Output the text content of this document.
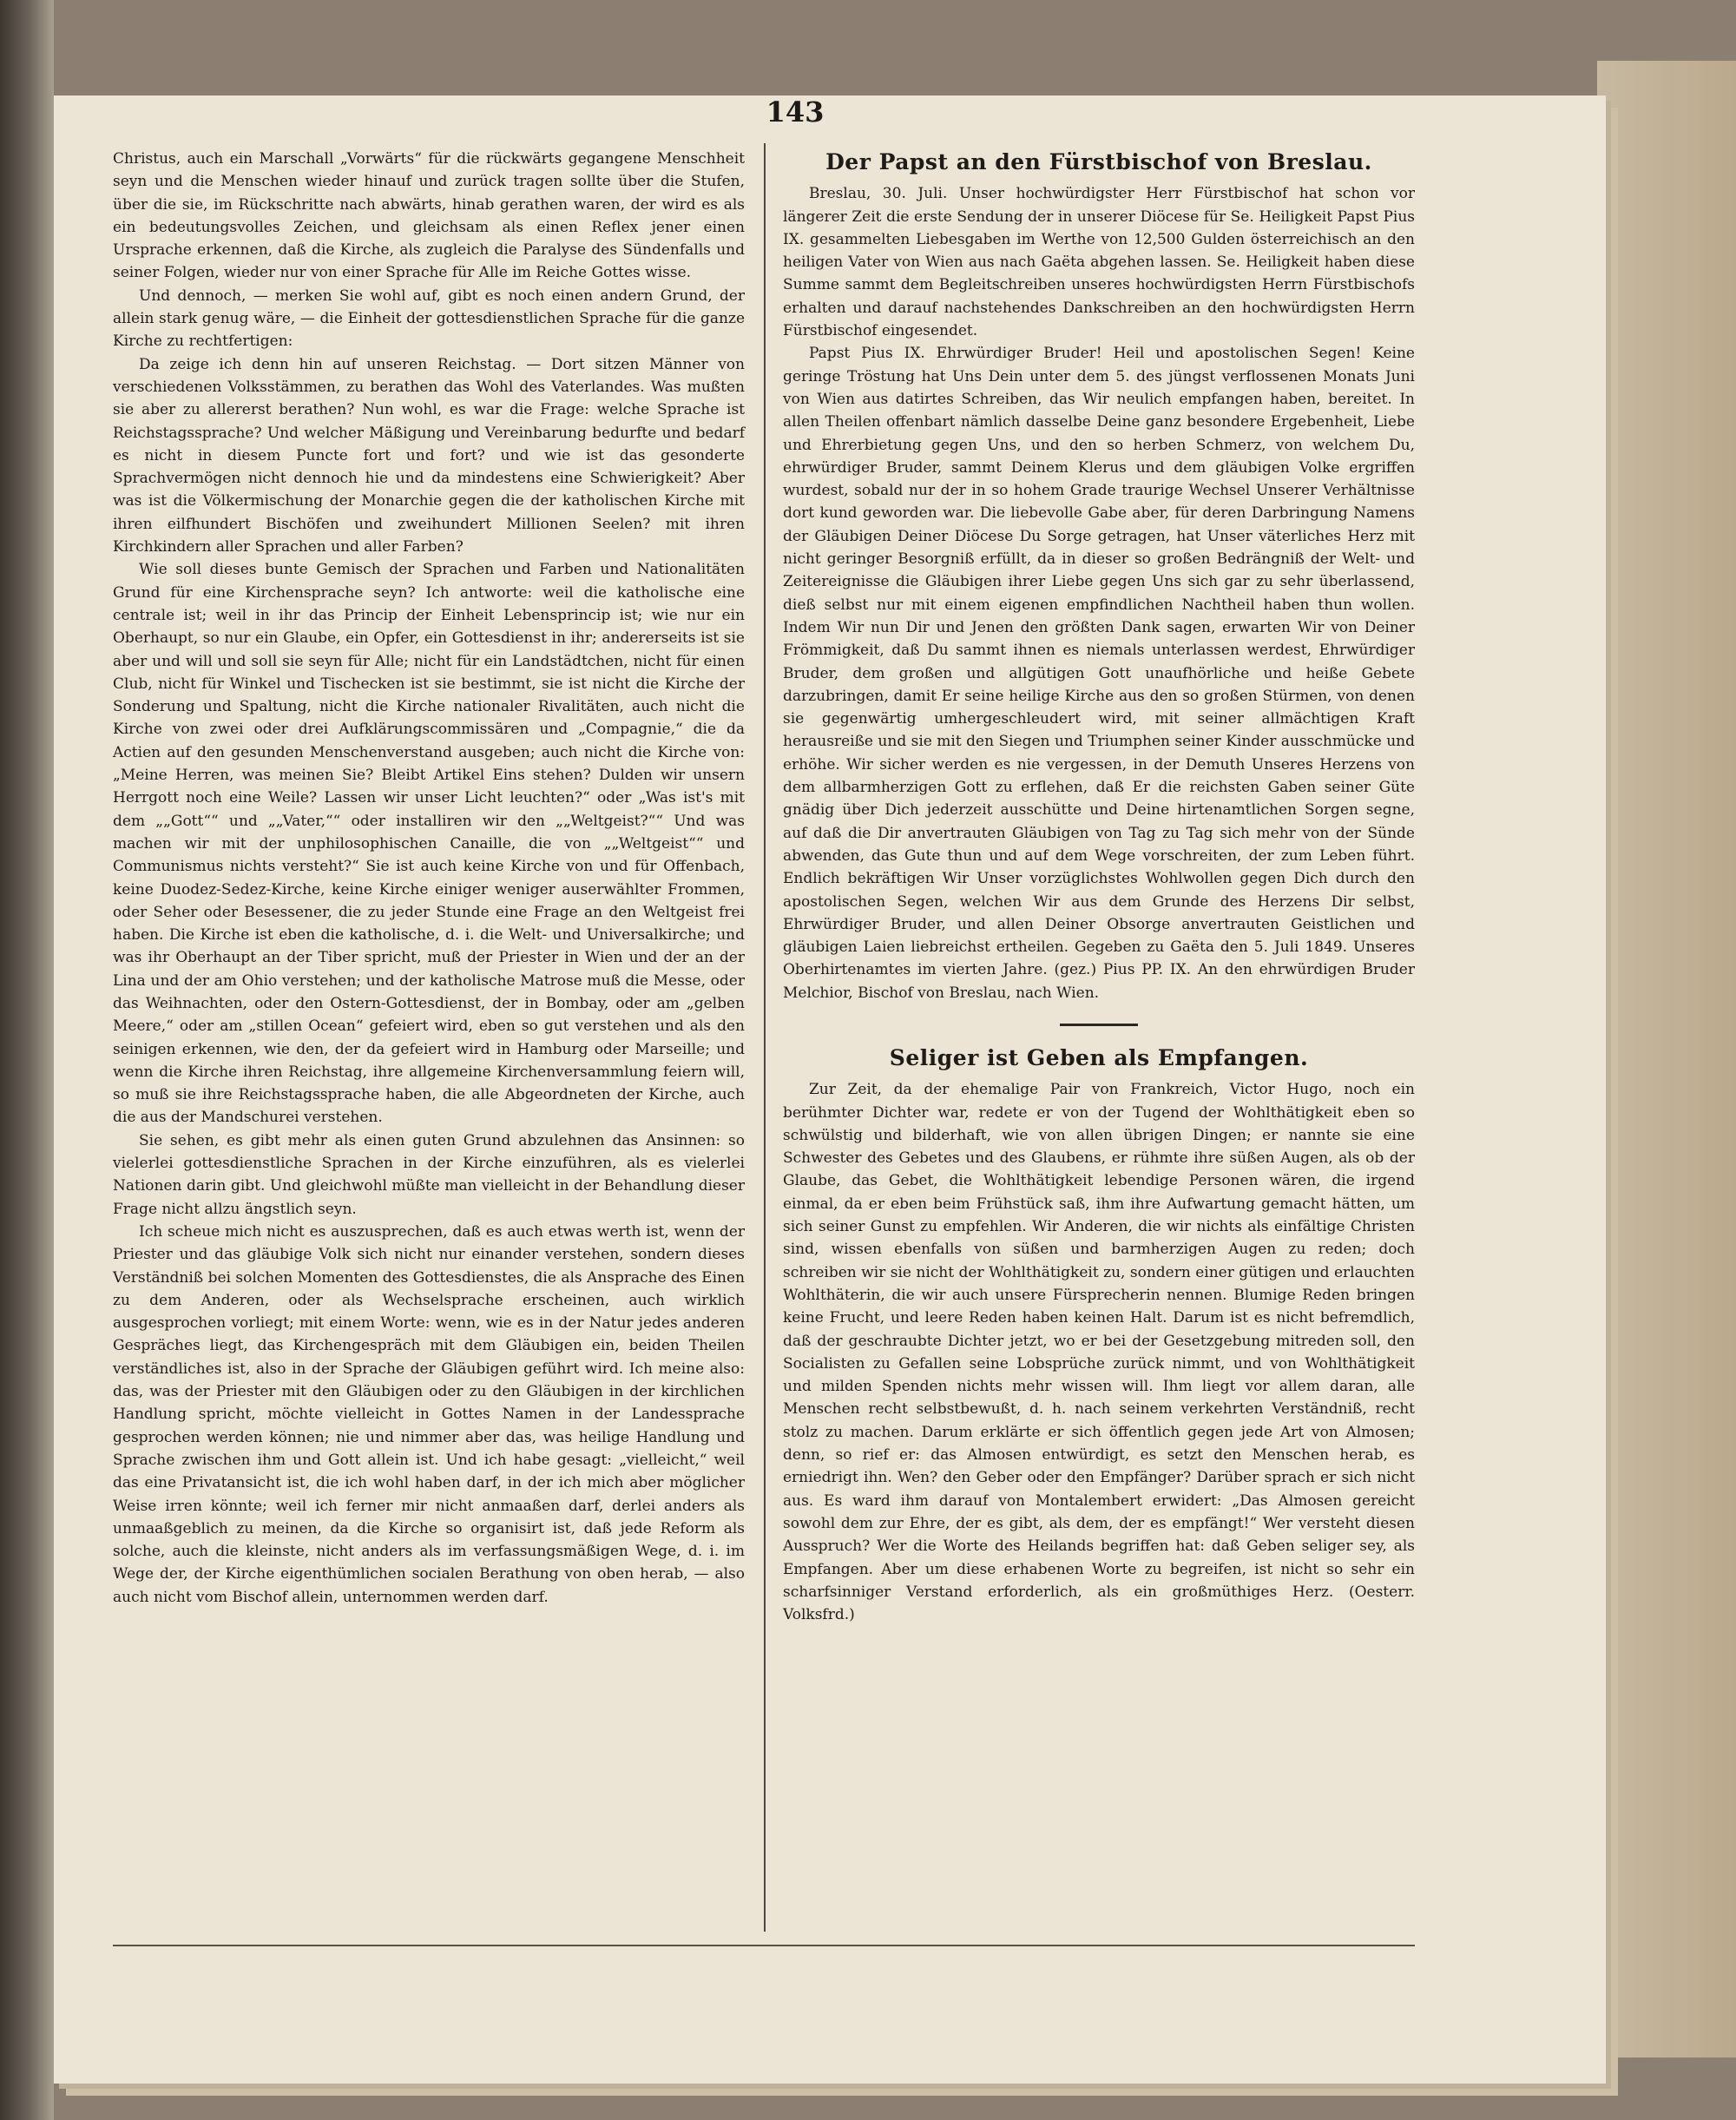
143

Christus, auch ein Marschall „Vorwärts“ für die rückwärts gegangene Menschheit seyn und die Menschen wieder hinauf und zurück tragen sollte über die Stufen, über die sie, im Rückschritte nach abwärts, hinab gerathen waren, der wird es als ein bedeutungsvolles Zeichen, und gleichsam als einen Reflex jener einen Ursprache erkennen, daß die Kirche, als zugleich die Paralyse des Sündenfalls und seiner Folgen, wieder nur von einer Sprache für Alle im Reiche Gottes wisse.

Und dennoch, — merken Sie wohl auf, gibt es noch einen andern Grund, der allein stark genug wäre, — die Einheit der gottesdienstlichen Sprache für die ganze Kirche zu rechtfertigen:

Da zeige ich denn hin auf unseren Reichstag. — Dort sitzen Männer von verschiedenen Volksstämmen, zu berathen das Wohl des Vaterlandes. Was mußten sie aber zu allererst berathen? Nun wohl, es war die Frage: welche Sprache ist Reichstagssprache? Und welcher Mäßigung und Vereinbarung bedurfte und bedarf es nicht in diesem Puncte fort und fort? und wie ist das gesonderte Sprachvermögen nicht dennoch hie und da mindestens eine Schwierigkeit? Aber was ist die Völkermischung der Monarchie gegen die der katholischen Kirche mit ihren eilfhundert Bischöfen und zweihundert Millionen Seelen? mit ihren Kirchkindern aller Sprachen und aller Farben?

Wie soll dieses bunte Gemisch der Sprachen und Farben und Nationalitäten Grund für eine Kirchensprache seyn? Ich antworte: weil die katholische eine centrale ist; weil in ihr das Princip der Einheit Lebensprincip ist; wie nur ein Oberhaupt, so nur ein Glaube, ein Opfer, ein Gottesdienst in ihr; andererseits ist sie aber und will und soll sie seyn für Alle; nicht für ein Landstädtchen, nicht für einen Club, nicht für Winkel und Tischecken ist sie bestimmt, sie ist nicht die Kirche der Sonderung und Spaltung, nicht die Kirche nationaler Rivalitäten, auch nicht die Kirche von zwei oder drei Aufklärungscommissären und „Compagnie,“ die da Actien auf den gesunden Menschenverstand ausgeben; auch nicht die Kirche von: „Meine Herren, was meinen Sie? Bleibt Artikel Eins stehen? Dulden wir unsern Herrgott noch eine Weile? Lassen wir unser Licht leuchten?“ oder „Was ist's mit dem „„Gott““ und „„Vater,““ oder installiren wir den „„Weltgeist?““ Und was machen wir mit der unphilosophischen Canaille, die von „„Weltgeist““ und Communismus nichts versteht?“ Sie ist auch keine Kirche von und für Offenbach, keine Duodez-Sedez-Kirche, keine Kirche einiger weniger auserwählter Frommen, oder Seher oder Besessener, die zu jeder Stunde eine Frage an den Weltgeist frei haben. Die Kirche ist eben die katholische, d. i. die Welt- und Universalkirche; und was ihr Oberhaupt an der Tiber spricht, muß der Priester in Wien und der an der Lina und der am Ohio verstehen; und der katholische Matrose muß die Messe, oder das Weihnachten, oder den Ostern-Gottesdienst, der in Bombay, oder am „gelben Meere,“ oder am „stillen Ocean“ gefeiert wird, eben so gut verstehen und als den seinigen erkennen, wie den, der da gefeiert wird in Hamburg oder Marseille; und wenn die Kirche ihren Reichstag, ihre allgemeine Kirchenversammlung feiern will, so muß sie ihre Reichstagssprache haben, die alle Abgeordneten der Kirche, auch die aus der Mandschurei verstehen.

Sie sehen, es gibt mehr als einen guten Grund abzulehnen das Ansinnen: so vielerlei gottesdienstliche Sprachen in der Kirche einzuführen, als es vielerlei Nationen darin gibt. Und gleichwohl müßte man vielleicht in der Behandlung dieser Frage nicht allzu ängstlich seyn.

Ich scheue mich nicht es auszusprechen, daß es auch etwas werth ist, wenn der Priester und das gläubige Volk sich nicht nur einander verstehen, sondern dieses Verständniß bei solchen Momenten des Gottesdienstes, die als Ansprache des Einen zu dem Anderen, oder als Wechselsprache erscheinen, auch wirklich ausgesprochen vorliegt; mit einem Worte: wenn, wie es in der Natur jedes anderen Gespräches liegt, das Kirchengespräch mit dem Gläubigen ein, beiden Theilen verständliches ist, also in der Sprache der Gläubigen geführt wird. Ich meine also: das, was der Priester mit den Gläubigen oder zu den Gläubigen in der kirchlichen Handlung spricht, möchte vielleicht in Gottes Namen in der Landessprache gesprochen werden können; nie und nimmer aber das, was heilige Handlung und Sprache zwischen ihm und Gott allein ist. Und ich habe gesagt: „vielleicht,“ weil das eine Privatansicht ist, die ich wohl haben darf, in der ich mich aber möglicher Weise irren könnte; weil ich ferner mir nicht anmaaßen darf, derlei anders als unmaaßgeblich zu meinen, da die Kirche so organisirt ist, daß jede Reform als solche, auch die kleinste, nicht anders als im verfassungsmäßigen Wege, d. i. im Wege der, der Kirche eigenthümlichen socialen Berathung von oben herab, — also auch nicht vom Bischof allein, unternommen werden darf.

Der Papst an den Fürstbischof von Breslau.

Breslau, 30. Juli. Unser hochwürdigster Herr Fürstbischof hat schon vor längerer Zeit die erste Sendung der in unserer Diöcese für Se. Heiligkeit Papst Pius IX. gesammelten Liebesgaben im Werthe von 12,500 Gulden österreichisch an den heiligen Vater von Wien aus nach Gaëta abgehen lassen. Se. Heiligkeit haben diese Summe sammt dem Begleitschreiben unseres hochwürdigsten Herrn Fürstbischofs erhalten und darauf nachstehendes Dankschreiben an den hochwürdigsten Herrn Fürstbischof eingesendet.

Papst Pius IX. Ehrwürdiger Bruder! Heil und apostolischen Segen! Keine geringe Tröstung hat Uns Dein unter dem 5. des jüngst verflossenen Monats Juni von Wien aus datirtes Schreiben, das Wir neulich empfangen haben, bereitet. In allen Theilen offenbart nämlich dasselbe Deine ganz besondere Ergebenheit, Liebe und Ehrerbietung gegen Uns, und den so herben Schmerz, von welchem Du, ehrwürdiger Bruder, sammt Deinem Klerus und dem gläubigen Volke ergriffen wurdest, sobald nur der in so hohem Grade traurige Wechsel Unserer Verhältnisse dort kund geworden war. Die liebevolle Gabe aber, für deren Darbringung Namens der Gläubigen Deiner Diöcese Du Sorge getragen, hat Unser väterliches Herz mit nicht geringer Besorgniß erfüllt, da in dieser so großen Bedrängniß der Welt- und Zeitereignisse die Gläubigen ihrer Liebe gegen Uns sich gar zu sehr überlassend, dieß selbst nur mit einem eigenen empfindlichen Nachtheil haben thun wollen. Indem Wir nun Dir und Jenen den größten Dank sagen, erwarten Wir von Deiner Frömmigkeit, daß Du sammt ihnen es niemals unterlassen werdest, Ehrwürdiger Bruder, dem großen und allgütigen Gott unaufhörliche und heiße Gebete darzubringen, damit Er seine heilige Kirche aus den so großen Stürmen, von denen sie gegenwärtig umhergeschleudert wird, mit seiner allmächtigen Kraft herausreiße und sie mit den Siegen und Triumphen seiner Kinder ausschmücke und erhöhe. Wir sicher werden es nie vergessen, in der Demuth Unseres Herzens von dem allbarmherzigen Gott zu erflehen, daß Er die reichsten Gaben seiner Güte gnädig über Dich jederzeit ausschütte und Deine hirtenamtlichen Sorgen segne, auf daß die Dir anvertrauten Gläubigen von Tag zu Tag sich mehr von der Sünde abwenden, das Gute thun und auf dem Wege vorschreiten, der zum Leben führt. Endlich bekräftigen Wir Unser vorzüglichstes Wohlwollen gegen Dich durch den apostolischen Segen, welchen Wir aus dem Grunde des Herzens Dir selbst, Ehrwürdiger Bruder, und allen Deiner Obsorge anvertrauten Geistlichen und gläubigen Laien liebreichst ertheilen. Gegeben zu Gaëta den 5. Juli 1849. Unseres Oberhirtenamtes im vierten Jahre. (gez.) Pius PP. IX. An den ehrwürdigen Bruder Melchior, Bischof von Breslau, nach Wien.

Seliger ist Geben als Empfangen.

Zur Zeit, da der ehemalige Pair von Frankreich, Victor Hugo, noch ein berühmter Dichter war, redete er von der Tugend der Wohlthätigkeit eben so schwülstig und bilderhaft, wie von allen übrigen Dingen; er nannte sie eine Schwester des Gebetes und des Glaubens, er rühmte ihre süßen Augen, als ob der Glaube, das Gebet, die Wohlthätigkeit lebendige Personen wären, die irgend einmal, da er eben beim Frühstück saß, ihm ihre Aufwartung gemacht hätten, um sich seiner Gunst zu empfehlen. Wir Anderen, die wir nichts als einfältige Christen sind, wissen ebenfalls von süßen und barmherzigen Augen zu reden; doch schreiben wir sie nicht der Wohlthätigkeit zu, sondern einer gütigen und erlauchten Wohlthäterin, die wir auch unsere Fürsprecherin nennen. Blumige Reden bringen keine Frucht, und leere Reden haben keinen Halt. Darum ist es nicht befremdlich, daß der geschraubte Dichter jetzt, wo er bei der Gesetzgebung mitreden soll, den Socialisten zu Gefallen seine Lobsprüche zurück nimmt, und von Wohlthätigkeit und milden Spenden nichts mehr wissen will. Ihm liegt vor allem daran, alle Menschen recht selbstbewußt, d. h. nach seinem verkehrten Verständniß, recht stolz zu machen. Darum erklärte er sich öffentlich gegen jede Art von Almosen; denn, so rief er: das Almosen entwürdigt, es setzt den Menschen herab, es erniedrigt ihn. Wen? den Geber oder den Empfänger? Darüber sprach er sich nicht aus. Es ward ihm darauf von Montalembert erwidert: „Das Almosen gereicht sowohl dem zur Ehre, der es gibt, als dem, der es empfängt!“ Wer versteht diesen Ausspruch? Wer die Worte des Heilands begriffen hat: daß Geben seliger sey, als Empfangen. Aber um diese erhabenen Worte zu begreifen, ist nicht so sehr ein scharfsinniger Verstand erforderlich, als ein großmüthiges Herz. (Oesterr. Volksfrd.)
